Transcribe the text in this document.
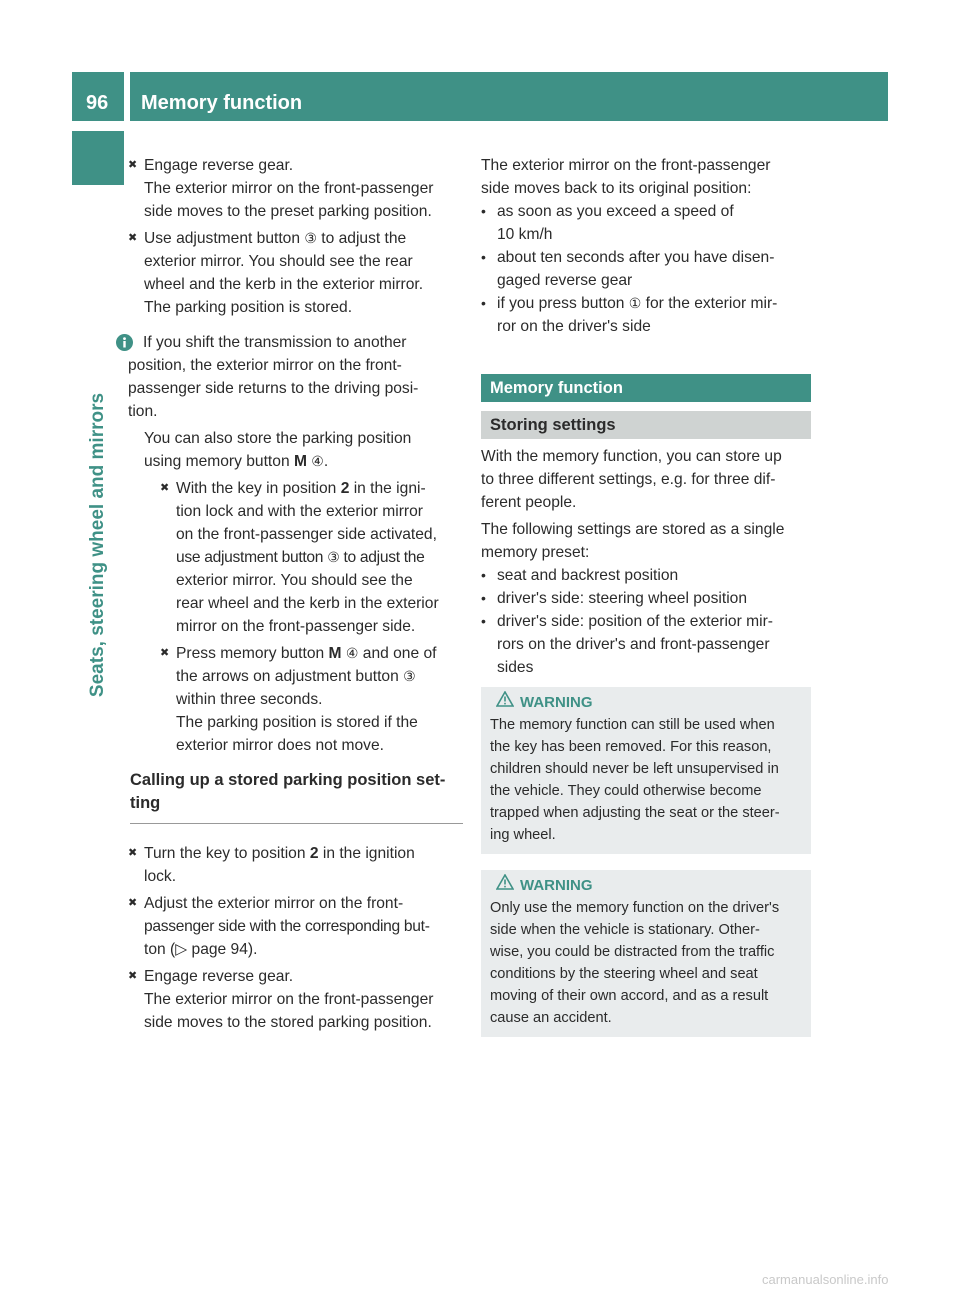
96 Memory function
Seats, steering wheel and mirrors
✖ Engage reverse gear.

The exterior mirror on the front-passenger

side moves to the preset parking position.

✖ Use adjustment button ③ to adjust the

exterior mirror. You should see the rear

wheel and the kerb in the exterior mirror.

The parking position is stored.

If you shift the transmission to another

position, the exterior mirror on the front-

passenger side returns to the driving posi-

tion.

You can also store the parking position

using memory button M ④.

✖ With the key in position 2 in the igni-

tion lock and with the exterior mirror

on the front-passenger side activated,

use adjustment button ③ to adjust the

exterior mirror. You should see the

rear wheel and the kerb in the exterior

mirror on the front-passenger side.

✖ Press memory button M ④ and one of

the arrows on adjustment button ③

within three seconds.

The parking position is stored if the

exterior mirror does not move.

Calling up a stored parking position set-

ting

✖ Turn the key to position 2 in the ignition

lock.

✖ Adjust the exterior mirror on the front-

passenger side with the corresponding but-

ton (▷ page 94).

✖ Engage reverse gear.

The exterior mirror on the front-passenger

side moves to the stored parking position.

The exterior mirror on the front-passenger

side moves back to its original position:

• as soon as you exceed a speed of

10 km/h

• about ten seconds after you have disen-

gaged reverse gear

• if you press button ① for the exterior mir-

ror on the driver's side

Memory function
Storing settings

With the memory function, you can store up

to three different settings, e.g. for three dif-

ferent people.

The following settings are stored as a single

memory preset:

• seat and backrest position

• driver's side: steering wheel position

• driver's side: position of the exterior mir-

rors on the driver's and front-passenger

sides

WARNING

The memory function can still be used when

the key has been removed. For this reason,

children should never be left unsupervised in

the vehicle. They could otherwise become

trapped when adjusting the seat or the steer-

ing wheel.

WARNING

Only use the memory function on the driver's

side when the vehicle is stationary. Other-

wise, you could be distracted from the traffic

conditions by the steering wheel and seat

moving of their own accord, and as a result

cause an accident.

carmanualsonline.info
